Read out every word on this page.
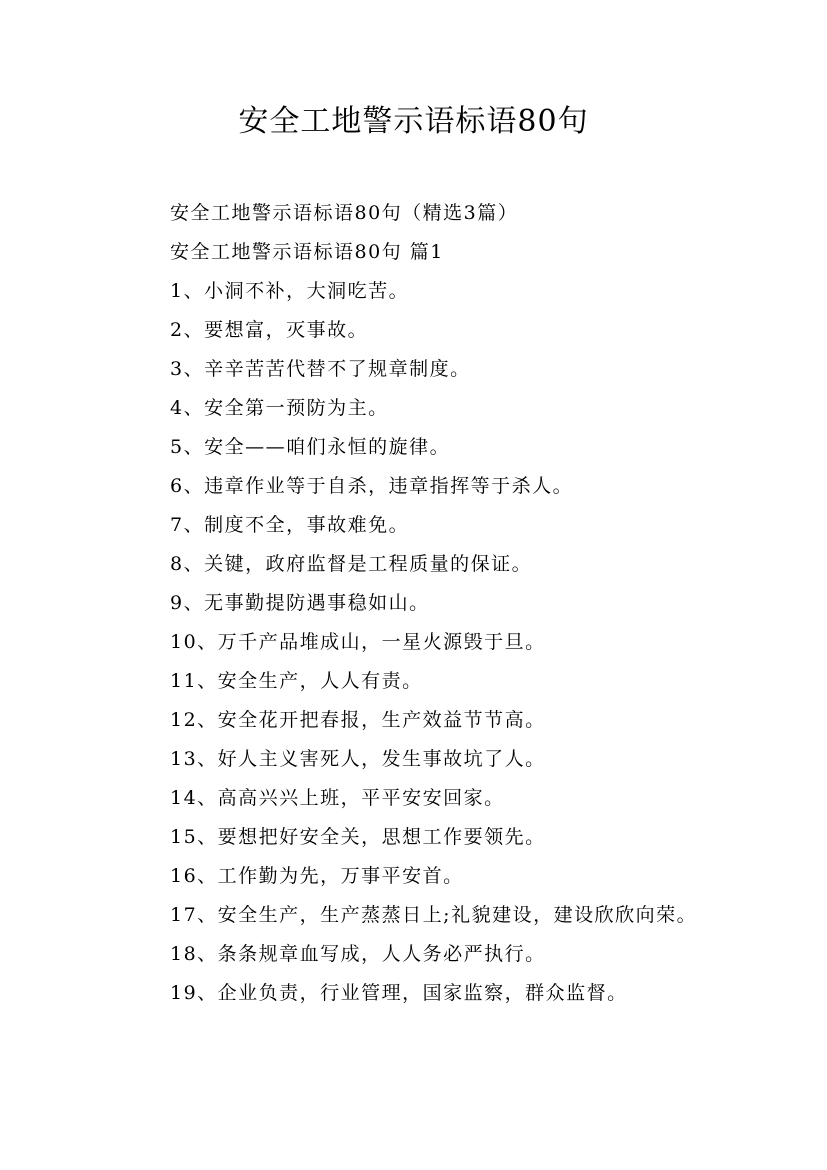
安全工地警示语标语80句

安全工地警示语标语80句（精选3篇）

安全工地警示语标语80句 篇1

1、小洞不补，大洞吃苦。

2、要想富，灭事故。

3、辛辛苦苦代替不了规章制度。

4、安全第一预防为主。

5、安全——咱们永恒的旋律。

6、违章作业等于自杀，违章指挥等于杀人。

7、制度不全，事故难免。

8、关键，政府监督是工程质量的保证。

9、无事勤提防遇事稳如山。

10、万千产品堆成山，一星火源毁于旦。

11、安全生产，人人有责。

12、安全花开把春报，生产效益节节高。

13、好人主义害死人，发生事故坑了人。

14、高高兴兴上班，平平安安回家。

15、要想把好安全关，思想工作要领先。

16、工作勤为先，万事平安首。

17、安全生产，生产蒸蒸日上;礼貌建设，建设欣欣向荣。

18、条条规章血写成，人人务必严执行。

19、企业负责，行业管理，国家监察，群众监督。
